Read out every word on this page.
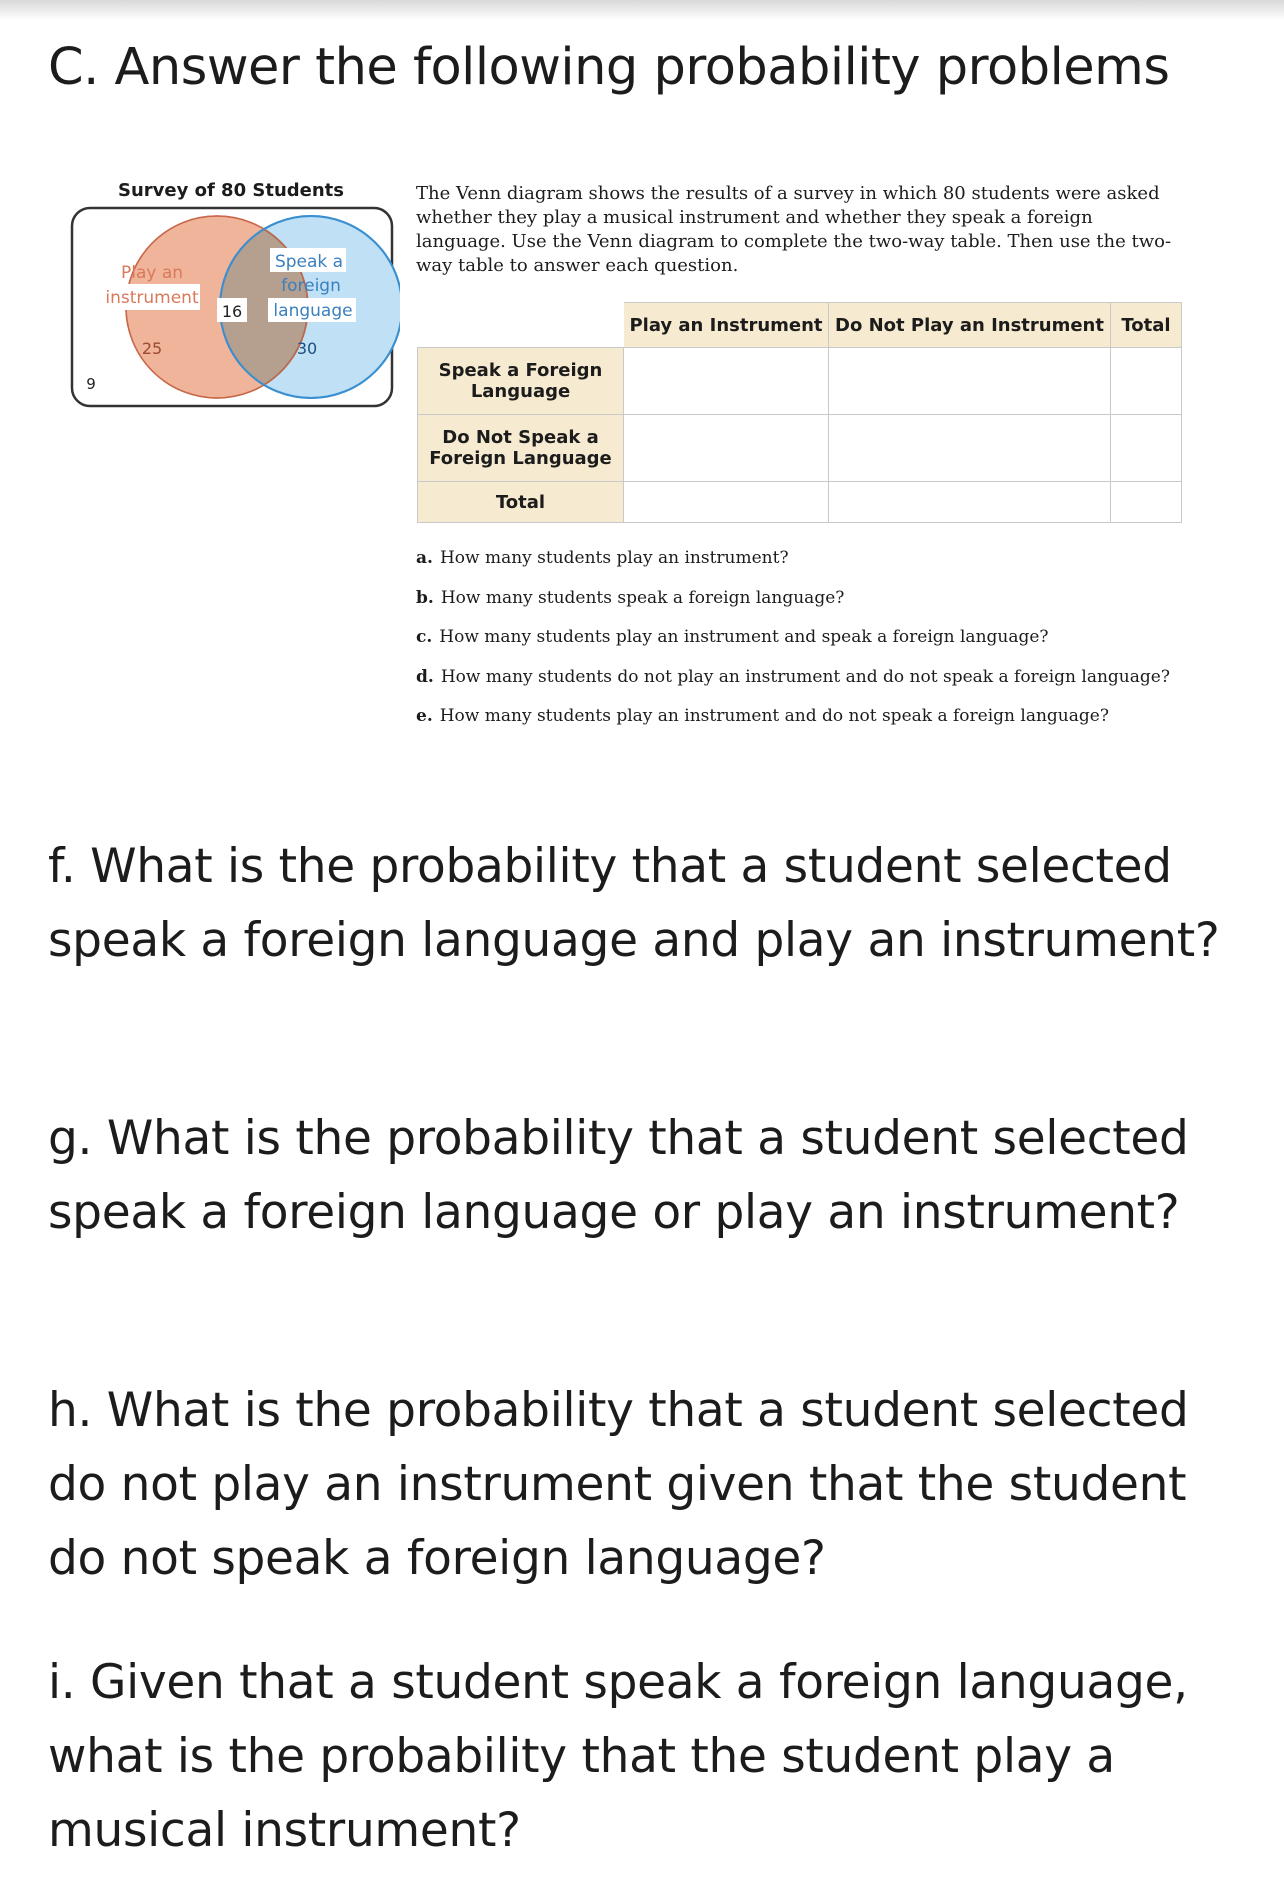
C. Answer the following probability problems
Survey of 80 Students
Play an
instrument
Speak a
foreign
language
16
25	30
9

The Venn diagram shows the results of a survey in which 80 students were asked whether they play a musical instrument and whether they speak a foreign language. Use the Venn diagram to complete the two-way table. Then use the two-way table to answer each question.

	Play an Instrument	Do Not Play an Instrument	Total

Speak a Foreign
Language			

Do Not Speak a
Foreign Language			

Total			
a. How many students play an instrument?
b. How many students speak a foreign language?
c. How many students play an instrument and speak a foreign language?
d. How many students do not play an instrument and do not speak a foreign language?
e. How many students play an instrument and do not speak a foreign language?

f. What is the probability that a student selected speak a foreign language and play an instrument?

g. What is the probability that a student selected speak a foreign language or play an instrument?

h. What is the probability that a student selected do not play an instrument given that the student do not speak a foreign language?

i. Given that a student speak a foreign language, what is the probability that the student play a musical instrument?
